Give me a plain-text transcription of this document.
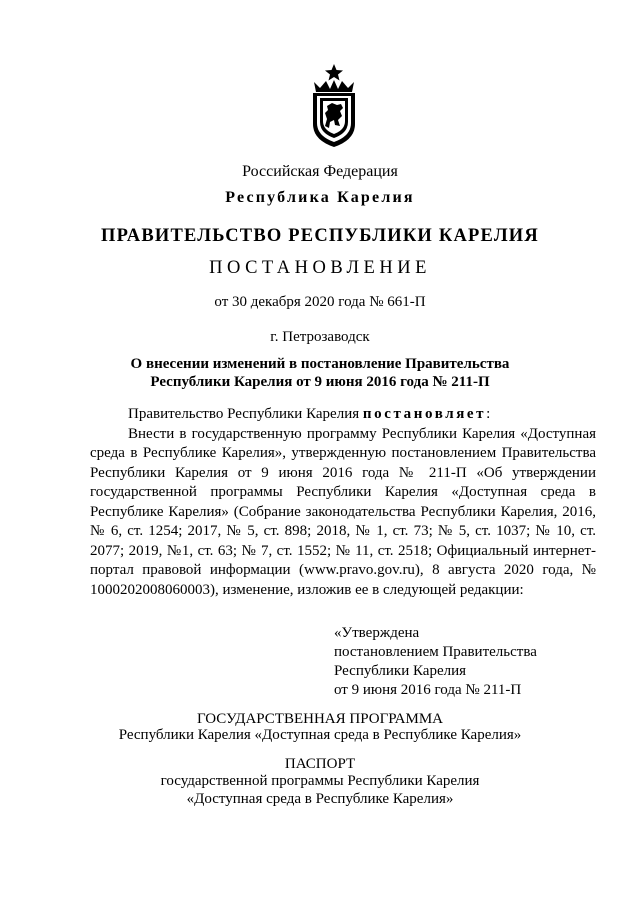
Российская Федерация
Республика Карелия
ПРАВИТЕЛЬСТВО РЕСПУБЛИКИ КАРЕЛИЯ
ПОСТАНОВЛЕНИЕ
от 30 декабря 2020 года № 661-П
г. Петрозаводск
О внесении изменений в постановление Правительства
Республики Карелия от 9 июня 2016 года № 211-П

Правительство Республики Карелия постановляет:

Внести в государственную программу Республики Карелия «Доступная среда в Республике Карелия», утвержденную постановлением Правительства Республики Карелия от 9 июня 2016 года № 211-П «Об утверждении государственной программы Республики Карелия «Доступная среда в Республике Карелия» (Собрание законодательства Республики Карелия, 2016, № 6, ст. 1254; 2017, № 5, ст. 898; 2018, № 1, ст. 73; № 5, ст. 1037; № 10, ст. 2077; 2019, №1, ст. 63; № 7, ст. 1552; № 11, ст. 2518; Официальный интернет-портал правовой информации (www.pravo.gov.ru), 8 августа 2020 года, № 1000202008060003), изменение, изложив ее в следующей редакции:

«Утверждена
постановлением Правительства
Республики Карелия
от 9 июня 2016 года № 211-П
ГОСУДАРСТВЕННАЯ ПРОГРАММА
Республики Карелия «Доступная среда в Республике Карелия»
ПАСПОРТ
государственной программы Республики Карелия
«Доступная среда в Республике Карелия»
